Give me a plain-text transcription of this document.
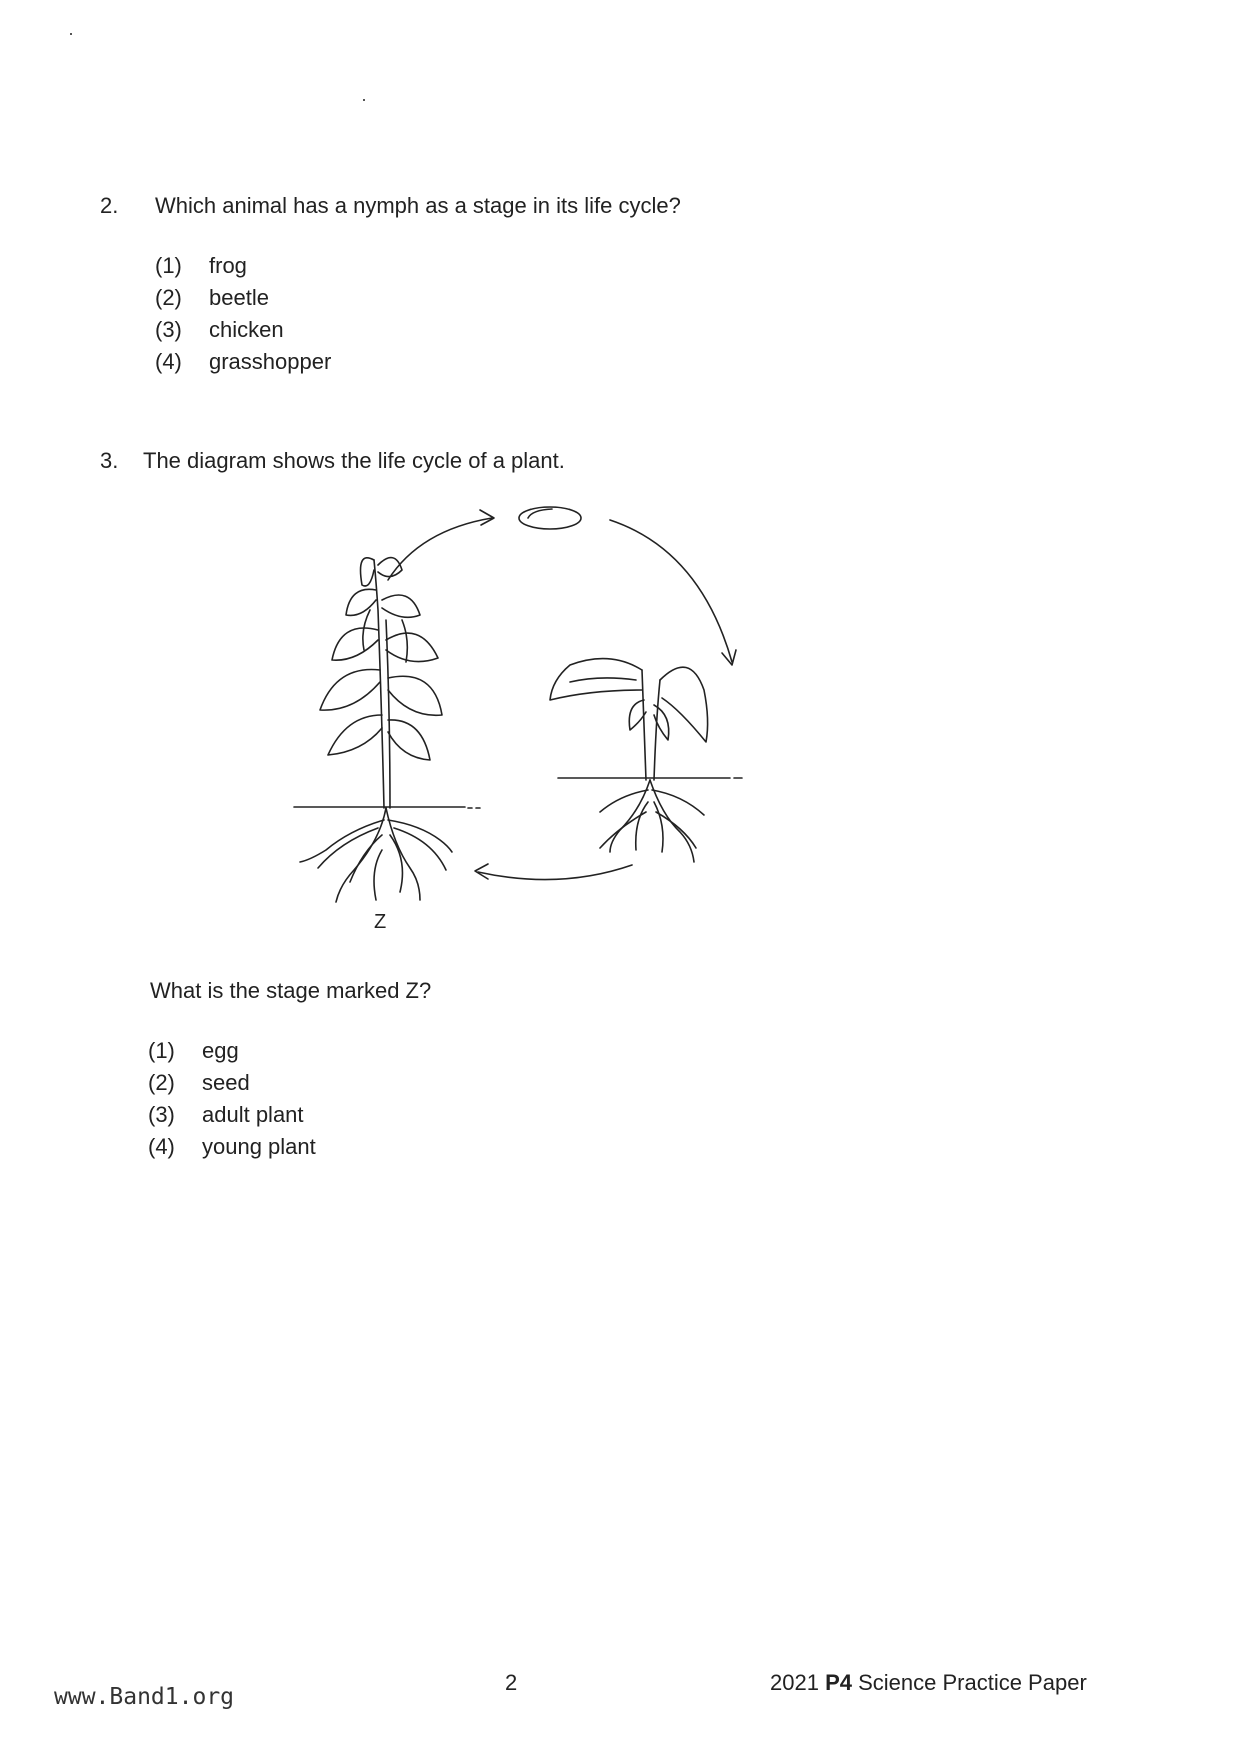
2. Which animal has a nymph as a stage in its life cycle?
(1) frog
(2) beetle
(3) chicken
(4) grasshopper
3. The diagram shows the life cycle of a plant.
Z
What is the stage marked Z?
(1) egg
(2) seed
(3) adult plant
(4) young plant
2	2021 P4 Science Practice Paper
www.Band1.org
